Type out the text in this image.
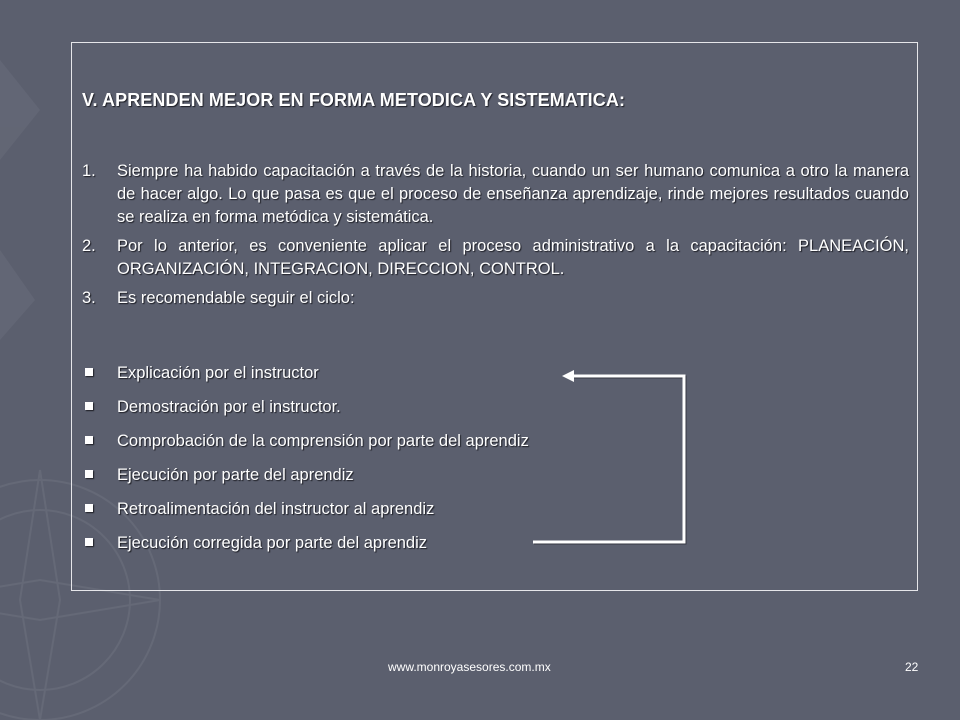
V. APRENDEN MEJOR EN FORMA METODICA Y SISTEMATICA:
1. Siempre ha habido capacitación a través de la historia, cuando un ser humano comunica a otro la manera de hacer algo. Lo que pasa es que el proceso de enseñanza aprendizaje, rinde mejores resultados cuando se realiza en forma metódica y sistemática.
2. Por lo anterior, es conveniente aplicar el proceso administrativo a la capacitación: PLANEACIÓN, ORGANIZACIÓN, INTEGRACION, DIRECCION, CONTROL.
3. Es recomendable seguir el ciclo:
Explicación por el instructor
Demostración por el instructor.
Comprobación de la comprensión por parte del aprendiz
Ejecución por parte del aprendiz
Retroalimentación del instructor al aprendiz
Ejecución corregida por parte del aprendiz
www.monroyasesores.com.mx	22
